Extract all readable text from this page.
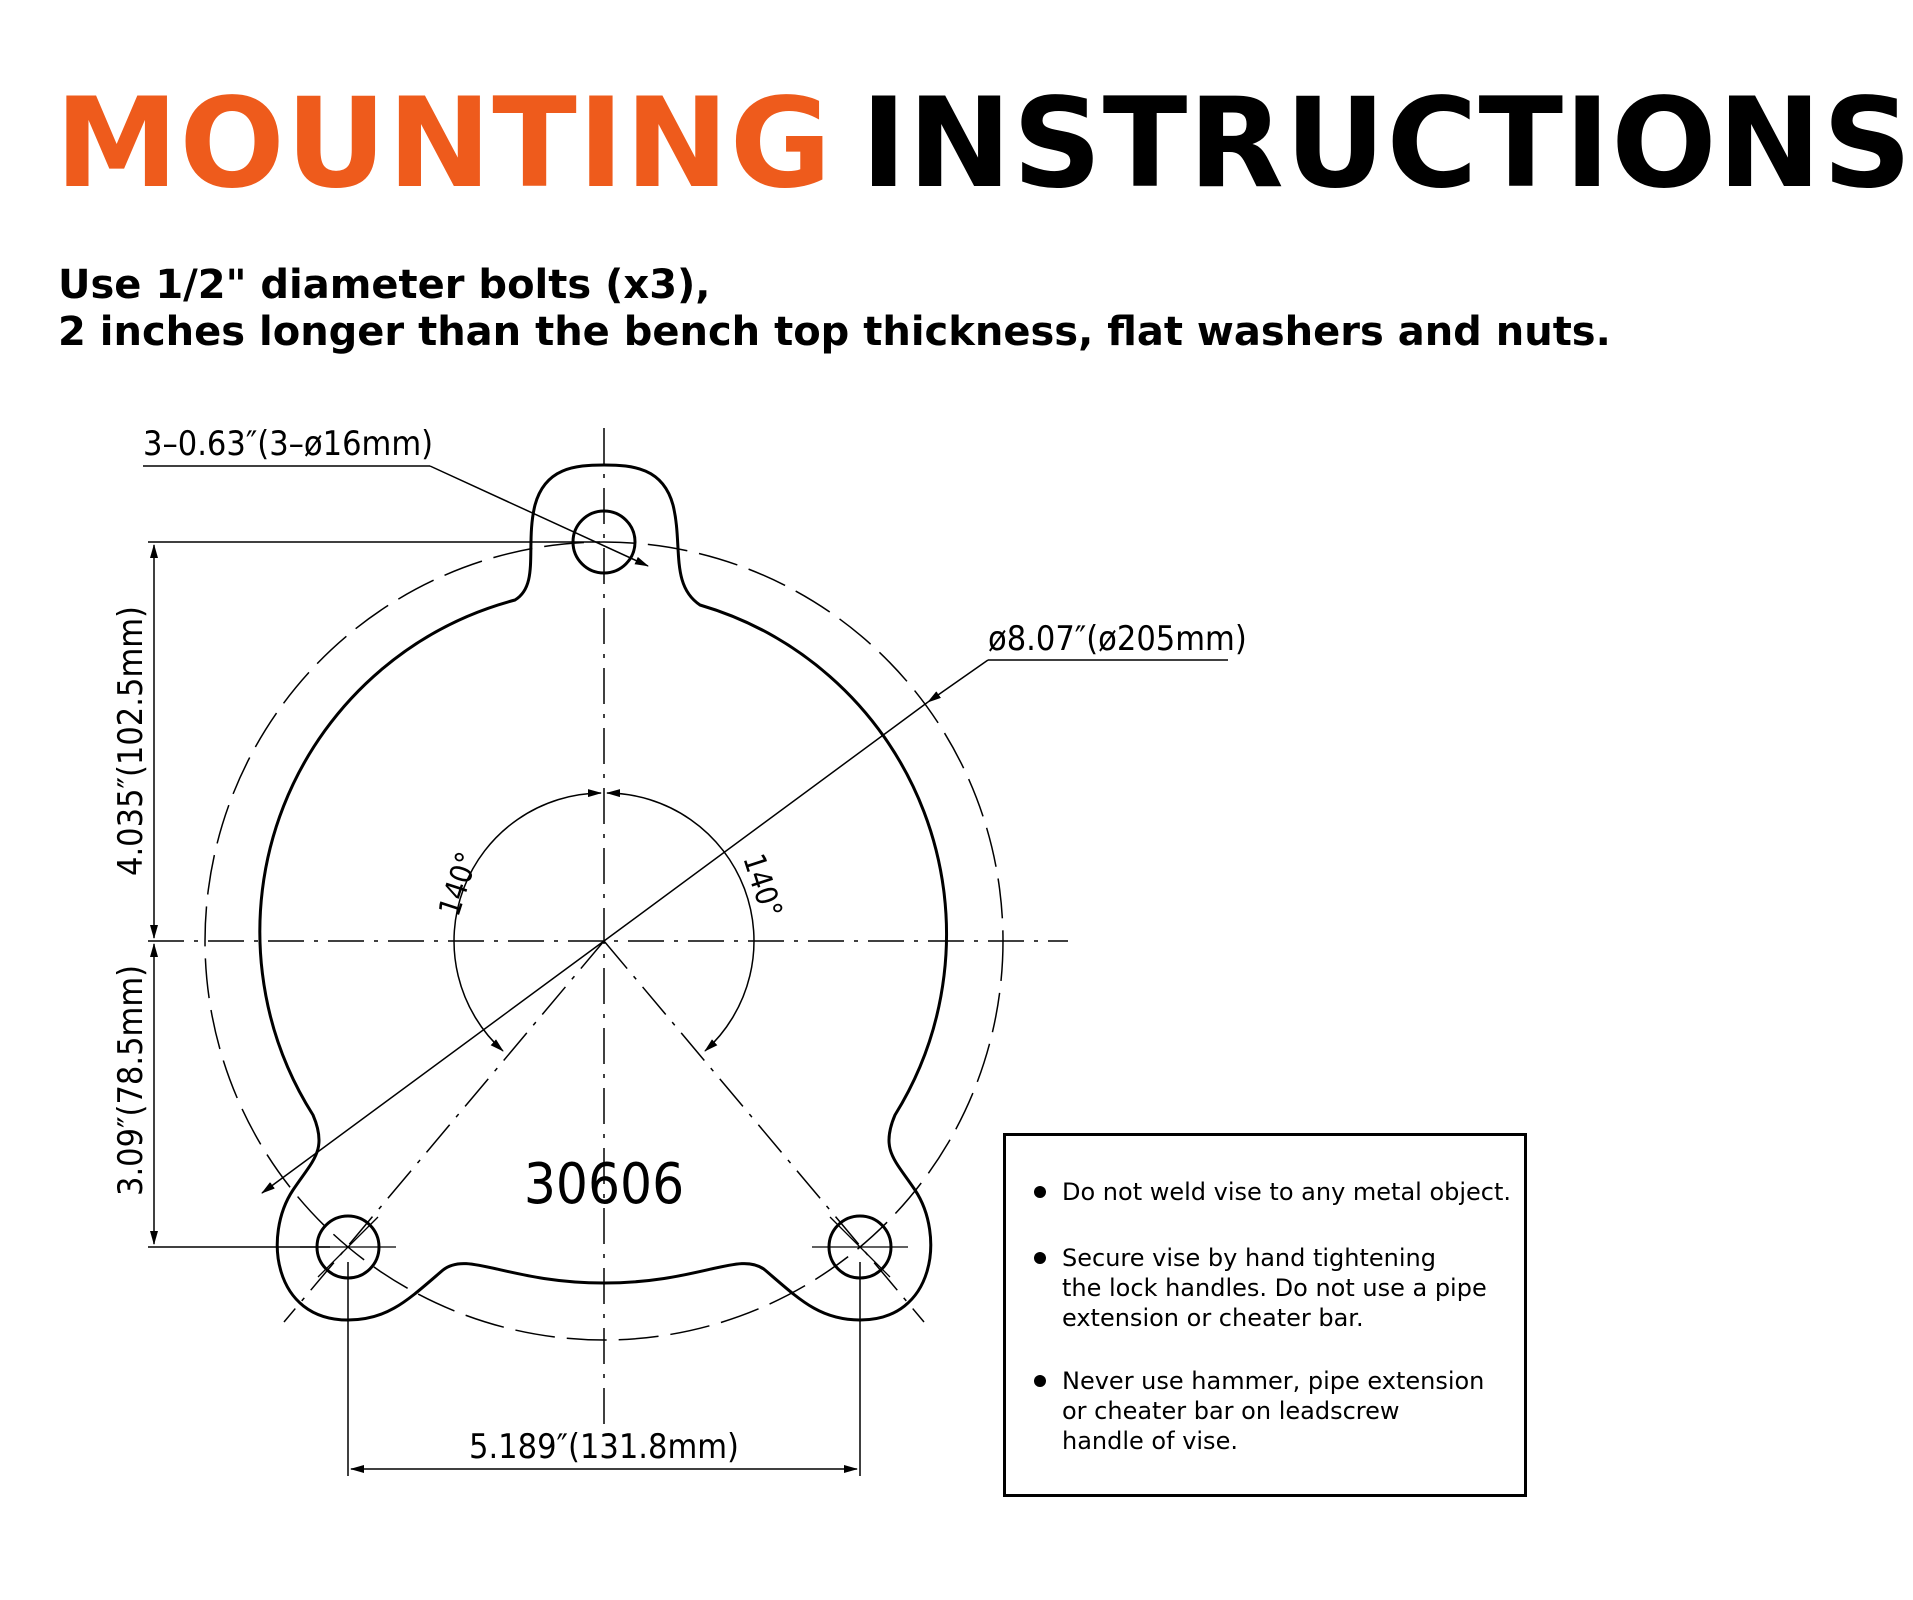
MOUNTING INSTRUCTIONS
Use 1/2" diameter bolts (x3),
2 inches longer than the bench top thickness, flat washers and nuts.
3–0.63″(3–ø16mm)
ø8.07″(ø205mm)
4.035″(102.5mm)
3.09″(78.5mm)
5.189″(131.8mm)
140°	140°
30606	Do not weld vise to any metal object.
Secure vise by hand tightening
the lock handles. Do not use a pipe
extension or cheater bar.
Never use hammer, pipe extension
or cheater bar on leadscrew
handle of vise.
